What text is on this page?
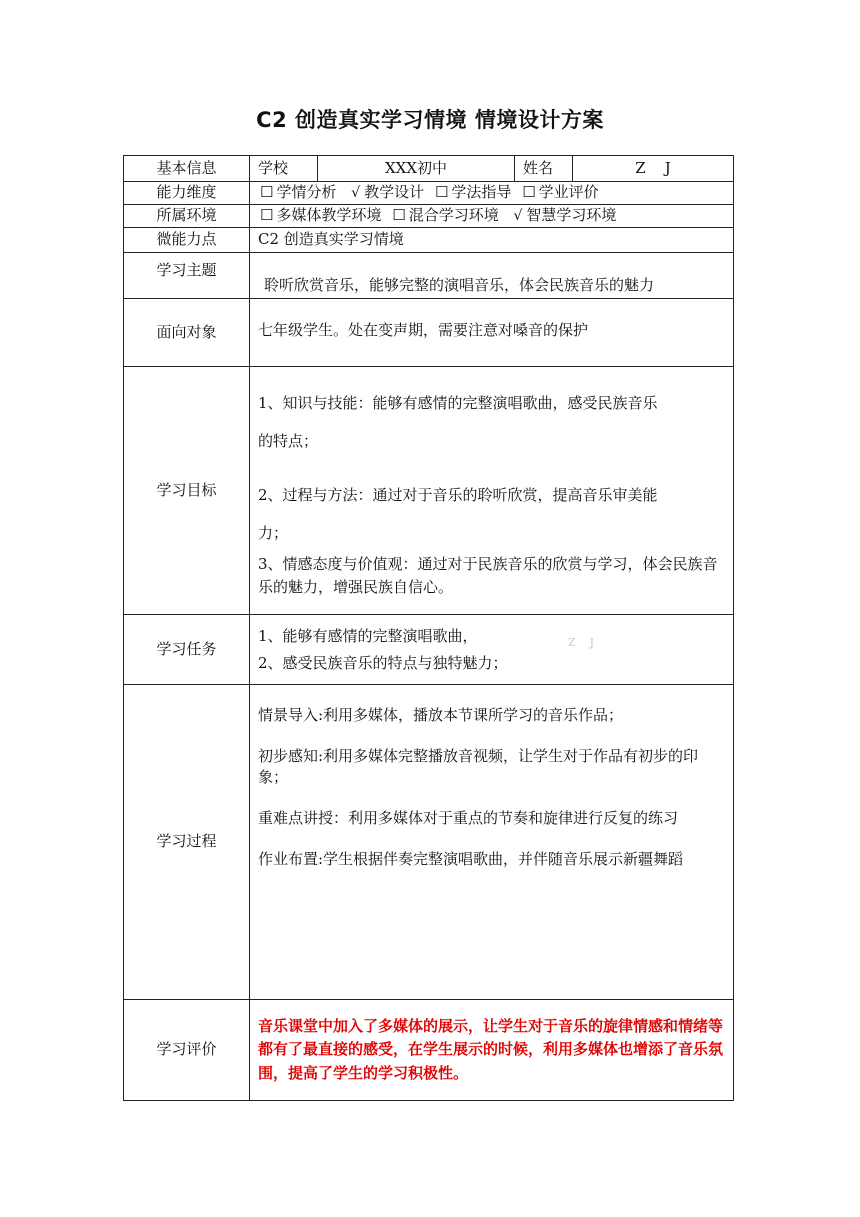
C2 创造真实学习情境 情境设计方案
基本信息	学校	XXX初中	姓名	Z    J
能力维度	☐ 学情分析 √ 教学设计 ☐ 学法指导 ☐ 学业评价			
所属环境	☐ 多媒体教学环境 ☐ 混合学习环境 √ 智慧学习环境			
微能力点	C2 创造真实学习情境			
学习主题	聆听欣赏音乐，能够完整的演唱音乐，体会民族音乐的魅力			
面向对象	七年级学生。处在变声期，需要注意对嗓音的保护			
学习目标	1、知识与技能：能够有感情的完整演唱歌曲，感受民族音乐

的特点；

2、过程与方法：通过对于音乐的聆听欣赏，提高音乐审美能

力；

3、情感态度与价值观：通过对于民族音乐的欣赏与学习，体会民族音乐的魅力，增强民族自信心。			

学习任务	1、能够有感情的完整演唱歌曲，

2、感受民族音乐的特点与独特魅力；

Z    J			

学习过程	情景导入:利用多媒体，播放本节课所学习的音乐作品；

初步感知:利用多媒体完整播放音视频，让学生对于作品有初步的印象；

重难点讲授：利用多媒体对于重点的节奏和旋律进行反复的练习

作业布置:学生根据伴奏完整演唱歌曲，并伴随音乐展示新疆舞蹈			

学习评价	音乐课堂中加入了多媒体的展示，让学生对于音乐的旋律情感和情绪等都有了最直接的感受，在学生展示的时候，利用多媒体也增添了音乐氛围，提高了学生的学习积极性。			
